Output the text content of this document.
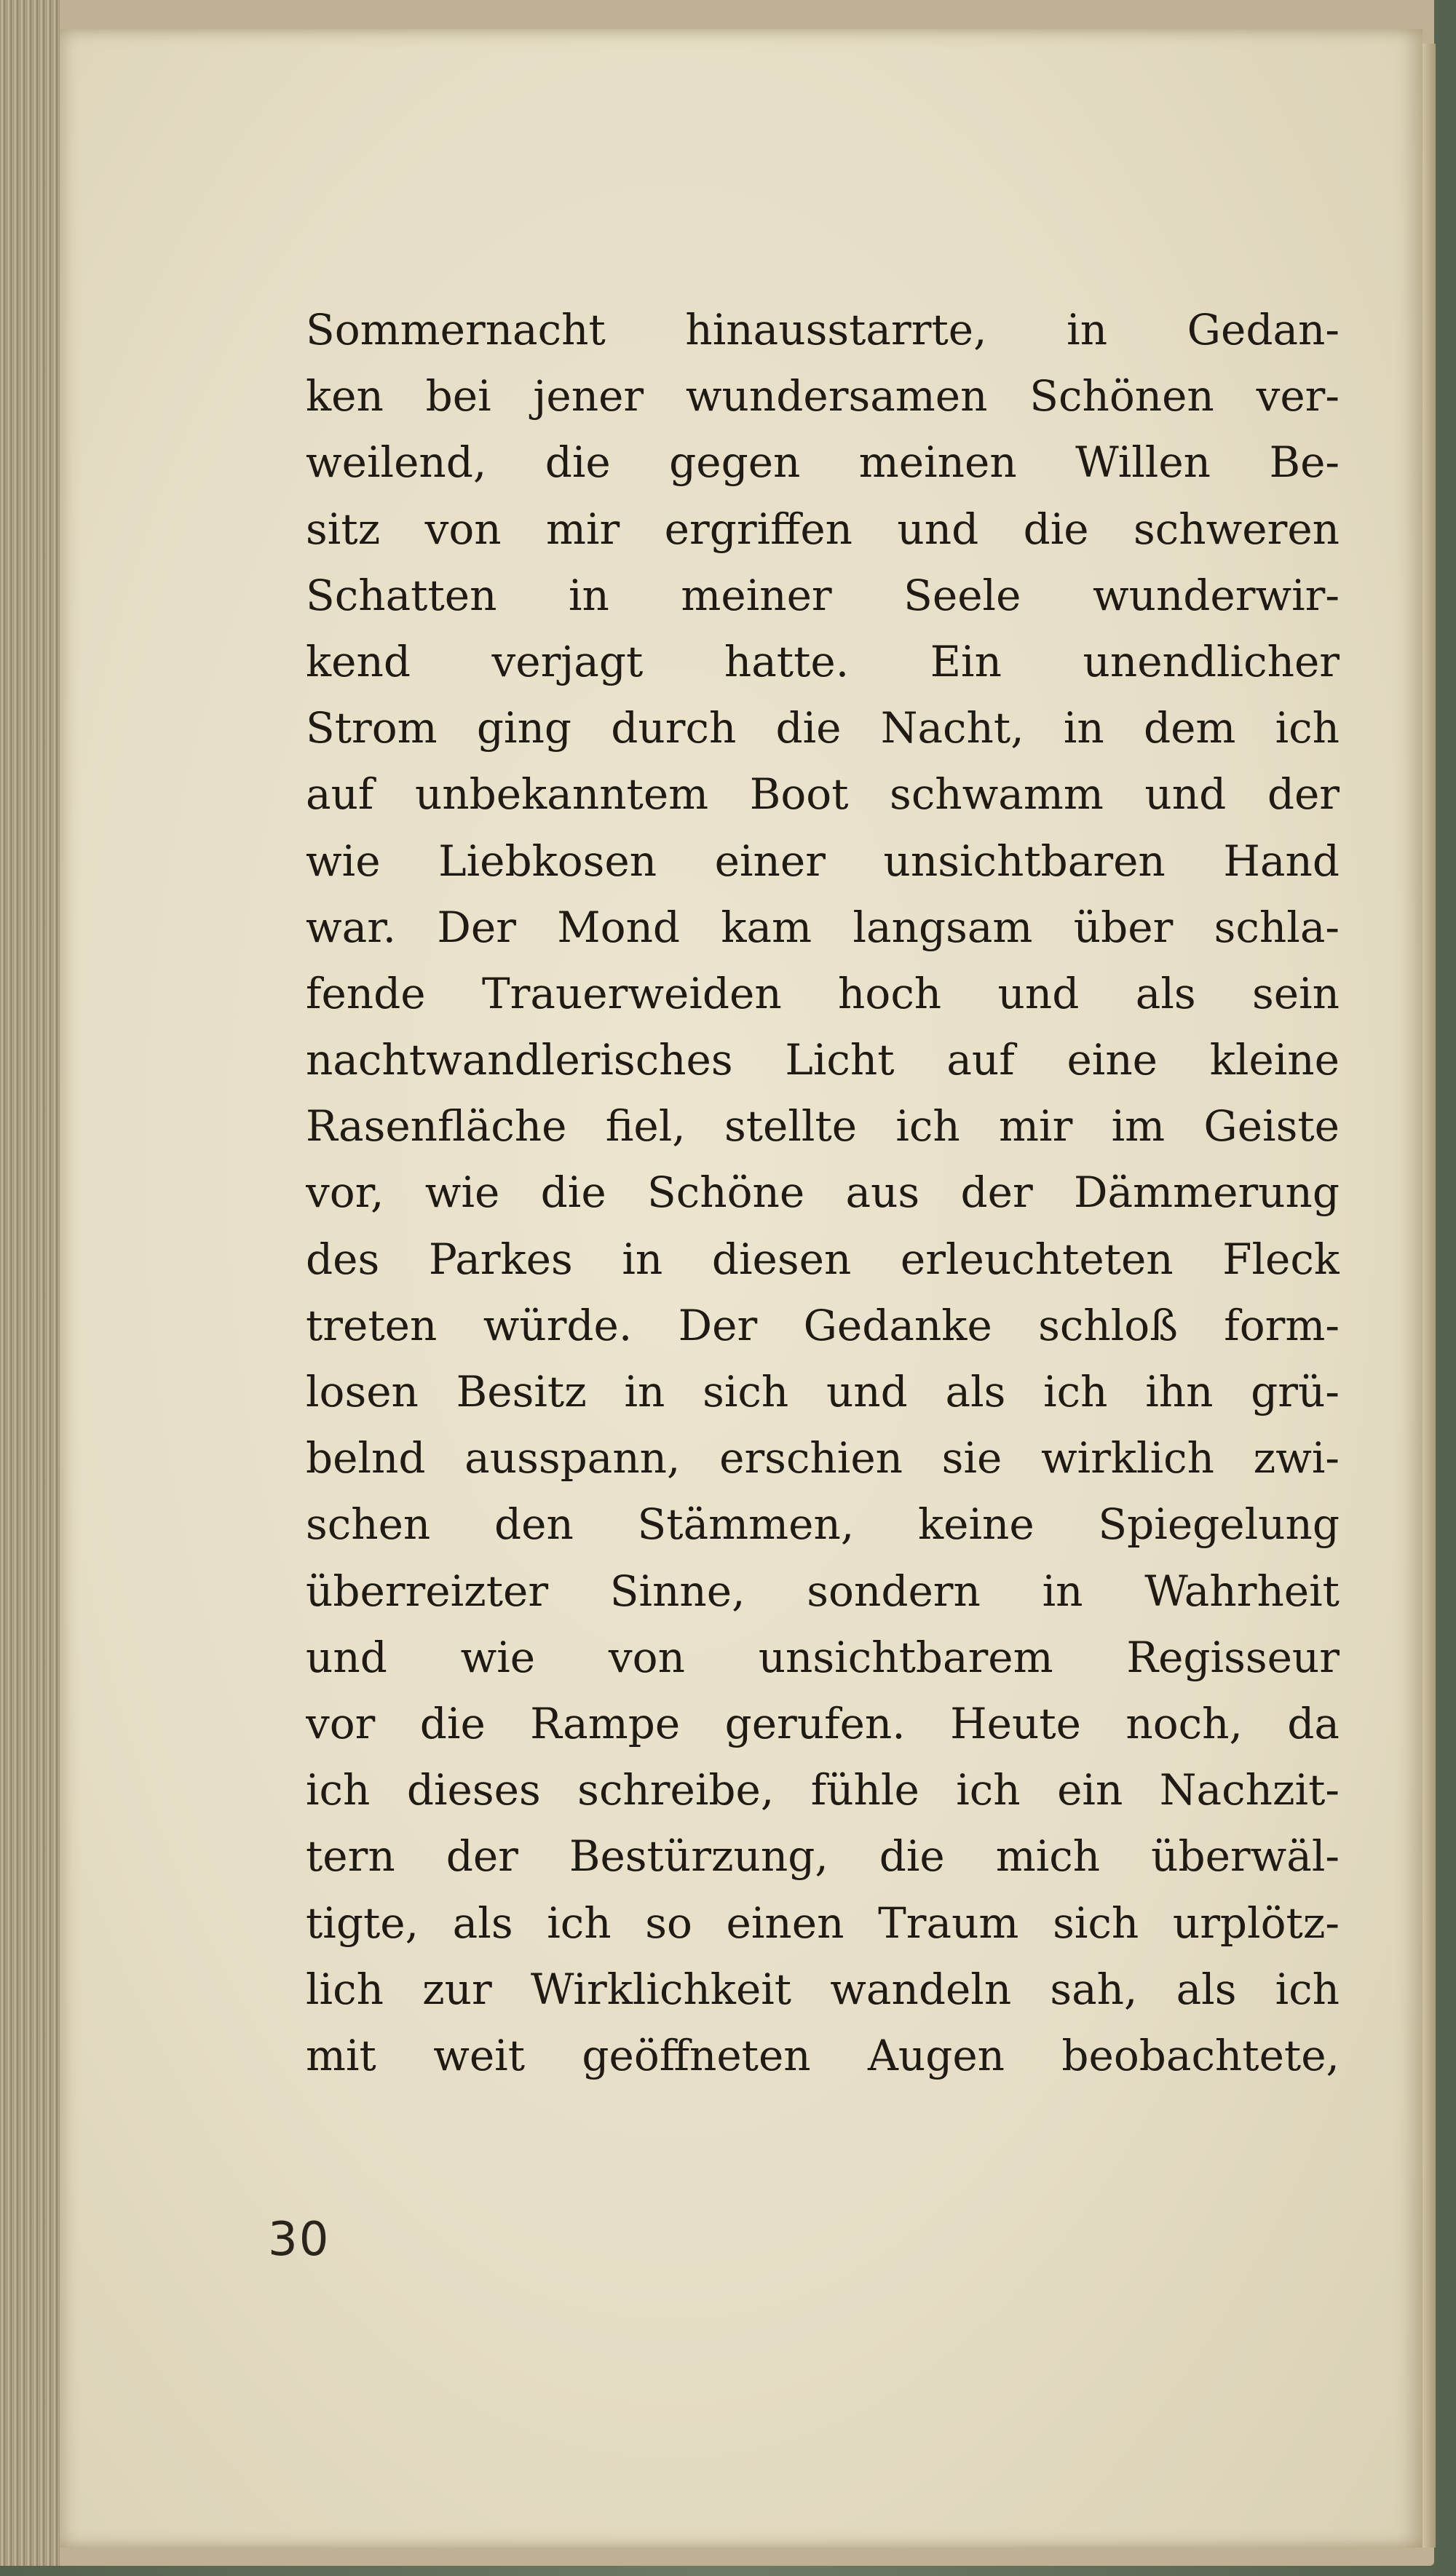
Sommernacht hinausstarrte, in Gedan-
ken bei jener wundersamen Schönen ver-
weilend, die gegen meinen Willen Be-
sitz von mir ergriffen und die schweren
Schatten in meiner Seele wunderwir-
kend verjagt hatte. Ein unendlicher
Strom ging durch die Nacht, in dem ich
auf unbekanntem Boot schwamm und der
wie Liebkosen einer unsichtbaren Hand
war. Der Mond kam langsam über schla-
fende Trauerweiden hoch und als sein
nachtwandlerisches Licht auf eine kleine
Rasenfläche fiel, stellte ich mir im Geiste
vor, wie die Schöne aus der Dämmerung
des Parkes in diesen erleuchteten Fleck
treten würde. Der Gedanke schloß form-
losen Besitz in sich und als ich ihn grü-
belnd ausspann, erschien sie wirklich zwi-
schen den Stämmen, keine Spiegelung
überreizter Sinne, sondern in Wahrheit
und wie von unsichtbarem Regisseur
vor die Rampe gerufen. Heute noch, da
ich dieses schreibe, fühle ich ein Nachzit-
tern der Bestürzung, die mich überwäl-
tigte, als ich so einen Traum sich urplötz-
lich zur Wirklichkeit wandeln sah, als ich
mit weit geöffneten Augen beobachtete,
30
